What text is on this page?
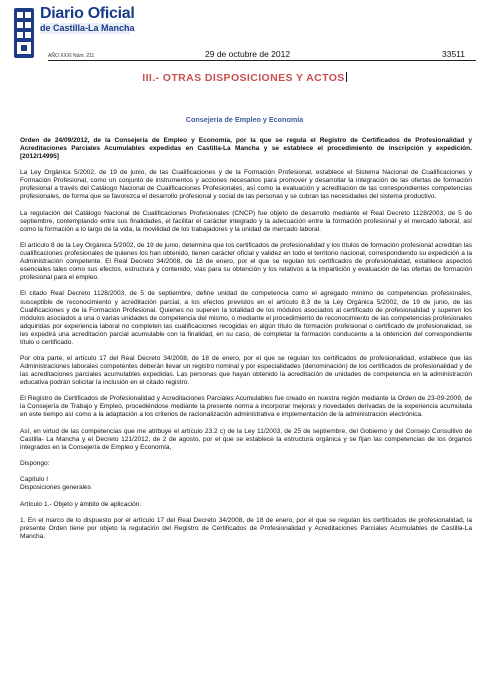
Diario Oficial
de Castilla-La Mancha
AÑO XXXI Núm. 211	29 de octubre de 2012	33511
III.- OTRAS DISPOSICIONES Y ACTOS
Consejería de Empleo y Economía

Orden de 24/09/2012, de la Consejería de Empleo y Economía, por la que se regula el Registro de Certificados de Profesionalidad y Acreditaciones Parciales Acumulables expedidas en Castilla-La Mancha y se establece el procedimiento de inscripción y expedición. [2012/14995]

La Ley Orgánica 5/2002, de 19 de junio, de las Cualificaciones y de la Formación Profesional, establece el Sistema Nacional de Cualificaciones y Formación Profesional, como un conjunto de instrumentos y acciones necesarios para promover y desarrollar la integración de las ofertas de formación profesional a través del Catálogo Nacional de Cualificaciones Profesionales, así como la evaluación y acreditación de las correspondientes competencias profesionales, de forma que se favorezca el desarrollo profesional y social de las personas y se cubran las necesidades del sistema productivo.

La regulación del Catálogo Nacional de Cualificaciones Profesionales (CNCP) fue objeto de desarrollo mediante el Real Decreto 1128/2003, de 5 de septiembre, contemplando entre sus finalidades, el facilitar el carácter integrado y la adecuación entre la formación profesional y el mercado laboral, así como la formación a lo largo de la vida, la movilidad de los trabajadores y la unidad de mercado laboral.

El artículo 8 de la Ley Orgánica 5/2002, de 19 de junio, determina que los certificados de profesionalidad y los títulos de formación profesional acreditan las cualificaciones profesionales de quienes los han obtenido, tienen carácter oficial y validez en todo el territorio nacional, correspondiendo su expedición a la Administración competente. El Real Decreto 34/2008, de 18 de enero, por el que se regulan los certificados de profesionalidad, establece aspectos esenciales tales como sus efectos, estructura y contenido, vías para su obtención y los relativos a la impartición y evaluación de las ofertas de formación profesional para el empleo.

El citado Real Decreto 1128/2003, de 5 de septiembre, define unidad de competencia como el agregado mínimo de competencias profesionales, susceptible de reconocimiento y acreditación parcial, a los efectos previstos en el artículo 8.3 de la Ley Orgánica 5/2002, de 19 de junio, de las Cualificaciones y de la Formación Profesional. Quienes no superen la totalidad de los módulos asociados al certificado de profesionalidad y superen los módulos asociados a una o varias unidades de competencia del mismo, o mediante el procedimiento de reconocimiento de las competencias profesionales adquiridas por experiencia laboral no completen las cualificaciones recogidas en algún título de formación profesional o certificado de profesionalidad, se les expedirá una acreditación parcial acumulable con la finalidad, en su caso, de completar la formación conducente a la obtención del correspondiente título o certificado.

Por otra parte, el artículo 17 del Real Decreto 34/2008, de 18 de enero, por el que se regulan los certificados de profesionalidad, establece que las Administraciones laborales competentes deberán llevar un registro nominal y por especialidades (denominación) de los certificados de profesionalidad y de las acreditaciones parciales acumulables expedidas. Las personas que hayan obtenido la acreditación de unidades de competencia en la administración educativa podrán solicitar la inclusión en el citado registro.

El Registro de Certificados de Profesionalidad y Acreditaciones Parciales Acumulables fue creado en nuestra región mediante la Orden de 23-09-2009, de la Consejería de Trabajo y Empleo, procediéndose mediante la presente norma a incorporar mejoras y novedades derivadas de la experiencia acumulada en este tiempo así como a la adaptación a los criterios de racionalización administrativa e implementación de la administración electrónica.

Así, en virtud de las competencias que me atribuye el artículo 23.2 c) de la Ley 11/2003, de 25 de septiembre, del Gobierno y del Consejo Consultivo de Castilla- La Mancha y el Decreto 121/2012, de 2 de agosto, por el que se establece la estructura orgánica y se fijan las competencias de los órganos integrados en la Consejería de Empleo y Economía,

Dispongo:

Capítulo I

Disposiciones generales

Artículo 1.- Objeto y ámbito de aplicación.

1. En el marco de lo dispuesto por el artículo 17 del Real Decreto 34/2008, de 18 de enero, por el que se regulan los certificados de profesionalidad, la presente Orden tiene por objeto la regulación del Registro de Certificados de Profesionalidad y Acreditaciones Parciales Acumulables de Castilla-La Mancha.
